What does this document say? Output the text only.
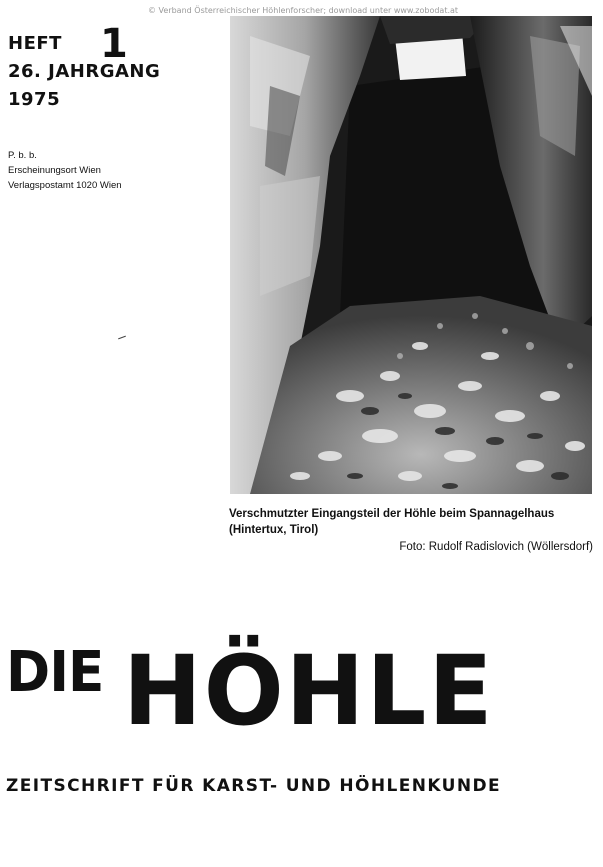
© Verband Österreichischer Höhlenforscher; download unter www.zobodat.at
HEFT 1
26. JAHRGANG
1975
P. b. b.
Erscheinungsort Wien
Verlagspostamt 1020 Wien
Verschmutzter Eingangsteil der Höhle beim Spannagelhaus
(Hintertux, Tirol)
Foto: Rudolf Radislovich (Wöllersdorf)
DIE HÖHLE
ZEITSCHRIFT FÜR KARST- UND HÖHLENKUNDE
